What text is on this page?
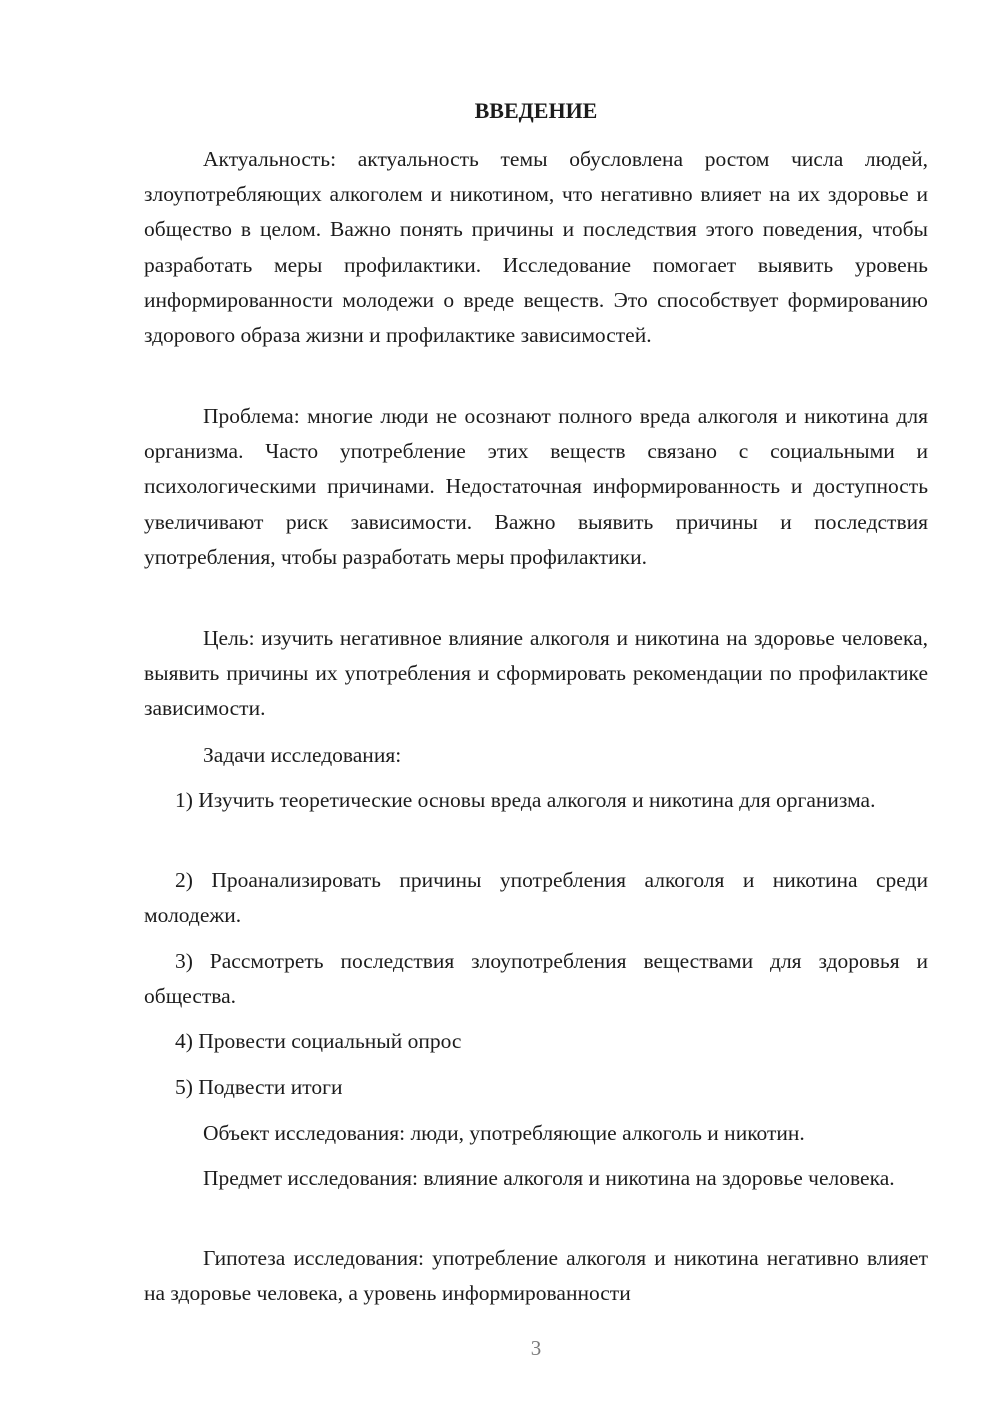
ВВЕДЕНИЕ

Актуальность: актуальность темы обусловлена ростом числа людей, злоупотребляющих алкоголем и никотином, что негативно влияет на их здоровье и общество в целом. Важно понять причины и последствия этого поведения, чтобы разработать меры профилактики. Исследование помогает выявить уровень информированности молодежи о вреде веществ. Это способствует формированию здорового образа жизни и профилактике зависимостей.

Проблема: многие люди не осознают полного вреда алкоголя и никотина для организма. Часто употребление этих веществ связано с социальными и психологическими причинами. Недостаточная информированность и доступность увеличивают риск зависимости. Важно выявить причины и последствия употребления, чтобы разработать меры профилактики.

Цель: изучить негативное влияние алкоголя и никотина на здоровье человека, выявить причины их употребления и сформировать рекомендации по профилактике зависимости.

Задачи исследования:

1) Изучить теоретические основы вреда алкоголя и никотина для организма.

2) Проанализировать причины употребления алкоголя и никотина среди молодежи.

3) Рассмотреть последствия злоупотребления веществами для здоровья и общества.

4) Провести социальный опрос

5) Подвести итоги

Объект исследования: люди, употребляющие алкоголь и никотин.

Предмет исследования: влияние алкоголя и никотина на здоровье человека.

Гипотеза исследования: употребление алкоголя и никотина негативно влияет на здоровье человека, а уровень информированности

3
